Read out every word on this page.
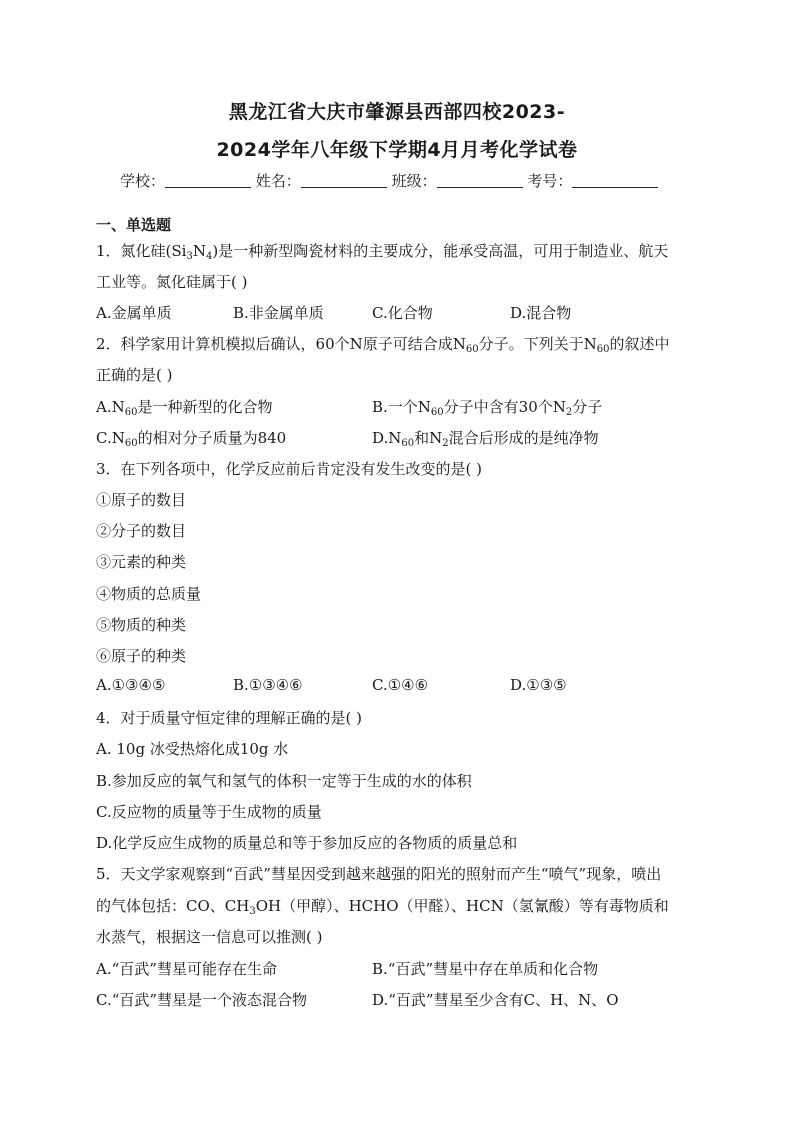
黑龙江省大庆市肇源县西部四校2023-
2024学年八年级下学期4月月考化学试卷
学校：	姓名：	班级：	考号：
一、单选题
1．氮化硅$(Si_3N_4)$是一种新型陶瓷材料的主要成分，能承受高温，可用于制造业、航天
工业等。氮化硅属于( )
A.金属单质	B.非金属单质	C.化合物	D.混合物
2．科学家用计算机模拟后确认，60个N原子可结合成$N_{60}$分子。下列关于$N_{60}$的叙述中
正确的是( )
$A.N_{60}$是一种新型的化合物	B.一个$N_{60}$分子中含有30个$N_2$分子
$C.N_{60}$的相对分子质量为840	$D.N_{60}$和$N_2$混合后形成的是纯净物
3．在下列各项中，化学反应前后肯定没有发生改变的是( )
①原子的数目
②分子的数目
③元素的种类
④物质的总质量
⑤物质的种类
⑥原子的种类
A.①③④⑤	B.①③④⑥	C.①④⑥	D.①③⑤
4．对于质量守恒定律的理解正确的是( )
A. 10g 冰受热熔化成10g 水
B.参加反应的氧气和氢气的体积一定等于生成的水的体积
C.反应物的质量等于生成物的质量
D.化学反应生成物的质量总和等于参加反应的各物质的质量总和
5．天文学家观察到“百武”彗星因受到越来越强的阳光的照射而产生“喷气”现象，喷出
的气体包括：CO、$CH_3OH$（甲醇）、HCHO（甲醛）、HCN（氢氰酸）等有毒物质和
水蒸气，根据这一信息可以推测( )
A.“百武”彗星可能存在生命	B.“百武”彗星中存在单质和化合物
C.“百武”彗星是一个液态混合物	D.“百武”彗星至少含有C、H、N、O
